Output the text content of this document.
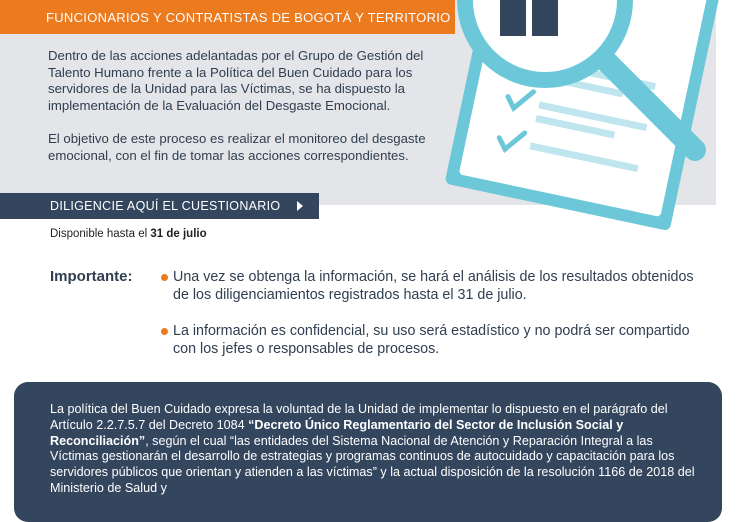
FUNCIONARIOS Y CONTRATISTAS DE BOGOTÁ Y TERRITORIO

Dentro de las acciones adelantadas por el Grupo de Gestión del Talento Humano frente a la Política del Buen Cuidado para los servidores de la Unidad para las Víctimas, se ha dispuesto la implementación de la Evaluación del Desgaste Emocional.

El objetivo de este proceso es realizar el monitoreo del desgaste emocional, con el fin de tomar las acciones correspondientes.

DILIGENCIE AQUÍ EL CUESTIONARIO
Disponible hasta el 31 de julio
Importante:	Una vez se obtenga la información, se hará el análisis de los resultados obtenidos de los diligenciamientos registrados hasta el 31 de julio.
La información es confidencial, su uso será estadístico y no podrá ser compartido con los jefes o responsables de procesos.
La política del Buen Cuidado expresa la voluntad de la Unidad de implementar lo dispuesto en el parágrafo del Artículo 2.2.7.5.7 del Decreto 1084 “Decreto Único Reglamentario del Sector de Inclusión Social y Reconciliación”, según el cual “las entidades del Sistema Nacional de Atención y Reparación Integral a las Víctimas gestionarán el desarrollo de estrategias y programas continuos de autocuidado y capacitación para los servidores públicos que orientan y atienden a las víctimas” y la actual disposición de la resolución 1166 de 2018 del Ministerio de Salud y
